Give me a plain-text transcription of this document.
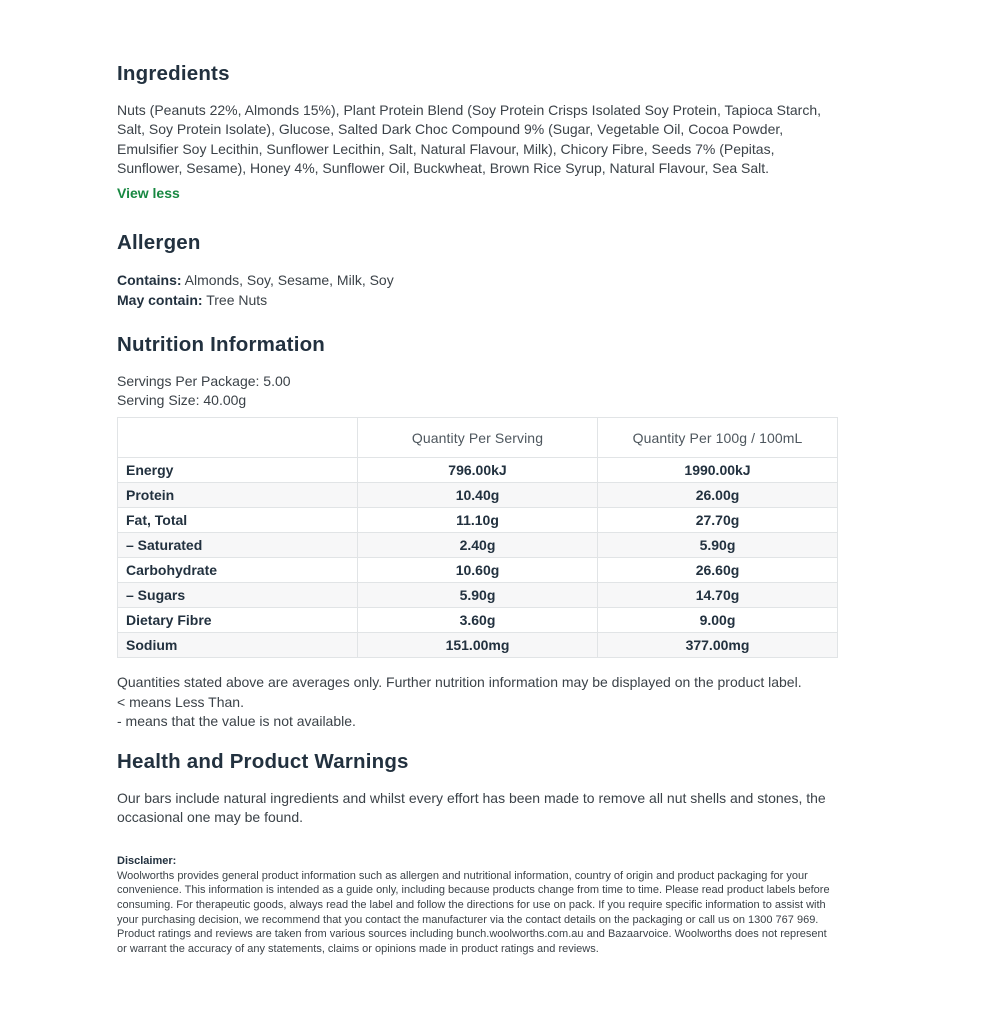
Ingredients

Nuts (Peanuts 22%, Almonds 15%), Plant Protein Blend (Soy Protein Crisps Isolated Soy Protein, Tapioca Starch, Salt, Soy Protein Isolate), Glucose, Salted Dark Choc Compound 9% (Sugar, Vegetable Oil, Cocoa Powder, Emulsifier Soy Lecithin, Sunflower Lecithin, Salt, Natural Flavour, Milk), Chicory Fibre, Seeds 7% (Pepitas, Sunflower, Sesame), Honey 4%, Sunflower Oil, Buckwheat, Brown Rice Syrup, Natural Flavour, Sea Salt.

View less
Allergen

Contains: Almonds, Soy, Sesame, Milk, Soy

May contain: Tree Nuts

Nutrition Information

Servings Per Package: 5.00

Serving Size: 40.00g

	Quantity Per Serving	Quantity Per 100g / 100mL
Energy	796.00kJ	1990.00kJ
Protein	10.40g	26.00g
Fat, Total	11.10g	27.70g
– Saturated	2.40g	5.90g
Carbohydrate	10.60g	26.60g
– Sugars	5.90g	14.70g
Dietary Fibre	3.60g	9.00g
Sodium	151.00mg	377.00mg

Quantities stated above are averages only. Further nutrition information may be displayed on the product label.

< means Less Than.

- means that the value is not available.

Health and Product Warnings

Our bars include natural ingredients and whilst every effort has been made to remove all nut shells and stones, the occasional one may be found.

Disclaimer:

Woolworths provides general product information such as allergen and nutritional information, country of origin and product packaging for your convenience. This information is intended as a guide only, including because products change from time to time. Please read product labels before consuming. For therapeutic goods, always read the label and follow the directions for use on pack. If you require specific information to assist with your purchasing decision, we recommend that you contact the manufacturer via the contact details on the packaging or call us on 1300 767 969. Product ratings and reviews are taken from various sources including bunch.woolworths.com.au and Bazaarvoice. Woolworths does not represent or warrant the accuracy of any statements, claims or opinions made in product ratings and reviews.
